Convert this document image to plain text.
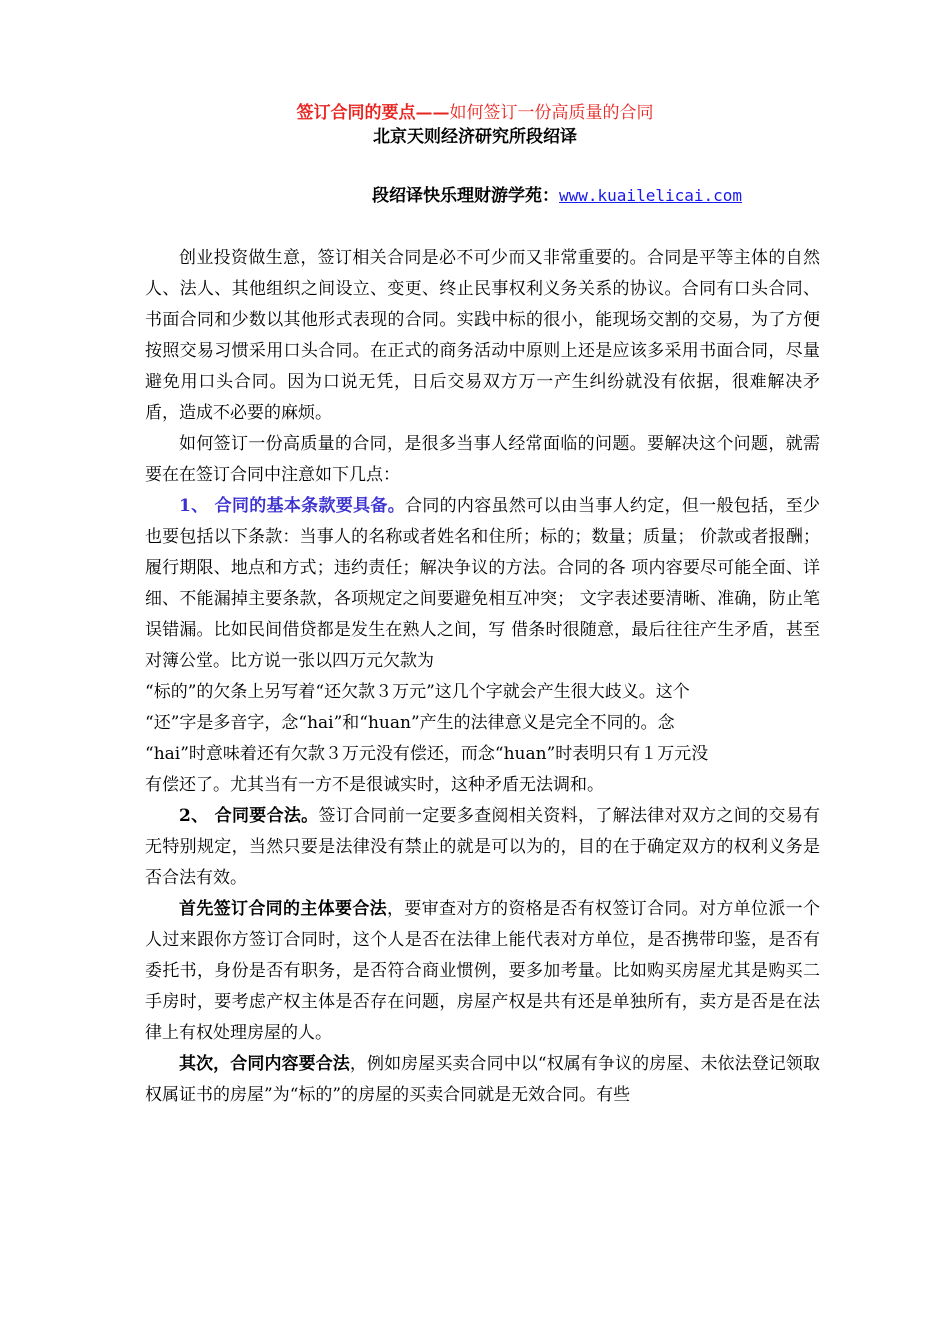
签订合同的要点——如何签订一份高质量的合同
北京天则经济研究所段绍译
段绍译快乐理财游学苑：www.kuailelicai.com

创业投资做生意，签订相关合同是必不可少而又非常重要的。合同是平等主体的自然人、法人、其他组织之间设立、变更、终止民事权利义务关系的协议。合同有口头合同、书面合同和少数以其他形式表现的合同。实践中标的很小，能现场交割的交易，为了方便按照交易习惯采用口头合同。在正式的商务活动中原则上还是应该多采用书面合同，尽量避免用口头合同。因为口说无凭，日后交易双方万一产生纠纷就没有依据，很难解决矛盾，造成不必要的麻烦。

如何签订一份高质量的合同，是很多当事人经常面临的问题。要解决这个问题，就需要在在签订合同中注意如下几点：

1、 合同的基本条款要具备。合同的内容虽然可以由当事人约定，但一般包括，至少也要包括以下条款：当事人的名称或者姓名和住所；标的；数量；质量； 价款或者报酬；履行期限、地点和方式；违约责任；解决争议的方法。合同的各 项内容要尽可能全面、详细、不能漏掉主要条款，各项规定之间要避免相互冲突； 文字表述要清晰、准确，防止笔误错漏。比如民间借贷都是发生在熟人之间，写 借条时很随意，最后往往产生矛盾，甚至对簿公堂。比方说一张以四万元欠款为

“标的”的欠条上另写着“还欠款３万元”这几个字就会产生很大歧义。这个

“还”字是多音字，念“hai”和“huan”产生的法律意义是完全不同的。念

“hai”时意味着还有欠款３万元没有偿还，而念“huan”时表明只有１万元没

有偿还了。尤其当有一方不是很诚实时，这种矛盾无法调和。

2、 合同要合法。签订合同前一定要多查阅相关资料，了解法律对双方之间的交易有无特别规定，当然只要是法律没有禁止的就是可以为的，目的在于确定双方的权利义务是否合法有效。

首先签订合同的主体要合法，要审查对方的资格是否有权签订合同。对方单位派一个人过来跟你方签订合同时，这个人是否在法律上能代表对方单位，是否携带印鉴，是否有委托书，身份是否有职务，是否符合商业惯例，要多加考量。比如购买房屋尤其是购买二手房时，要考虑产权主体是否存在问题，房屋产权是共有还是单独所有，卖方是否是在法律上有权处理房屋的人。

其次，合同内容要合法，例如房屋买卖合同中以“权属有争议的房屋、未依法登记领取权属证书的房屋”为“标的”的房屋的买卖合同就是无效合同。有些
